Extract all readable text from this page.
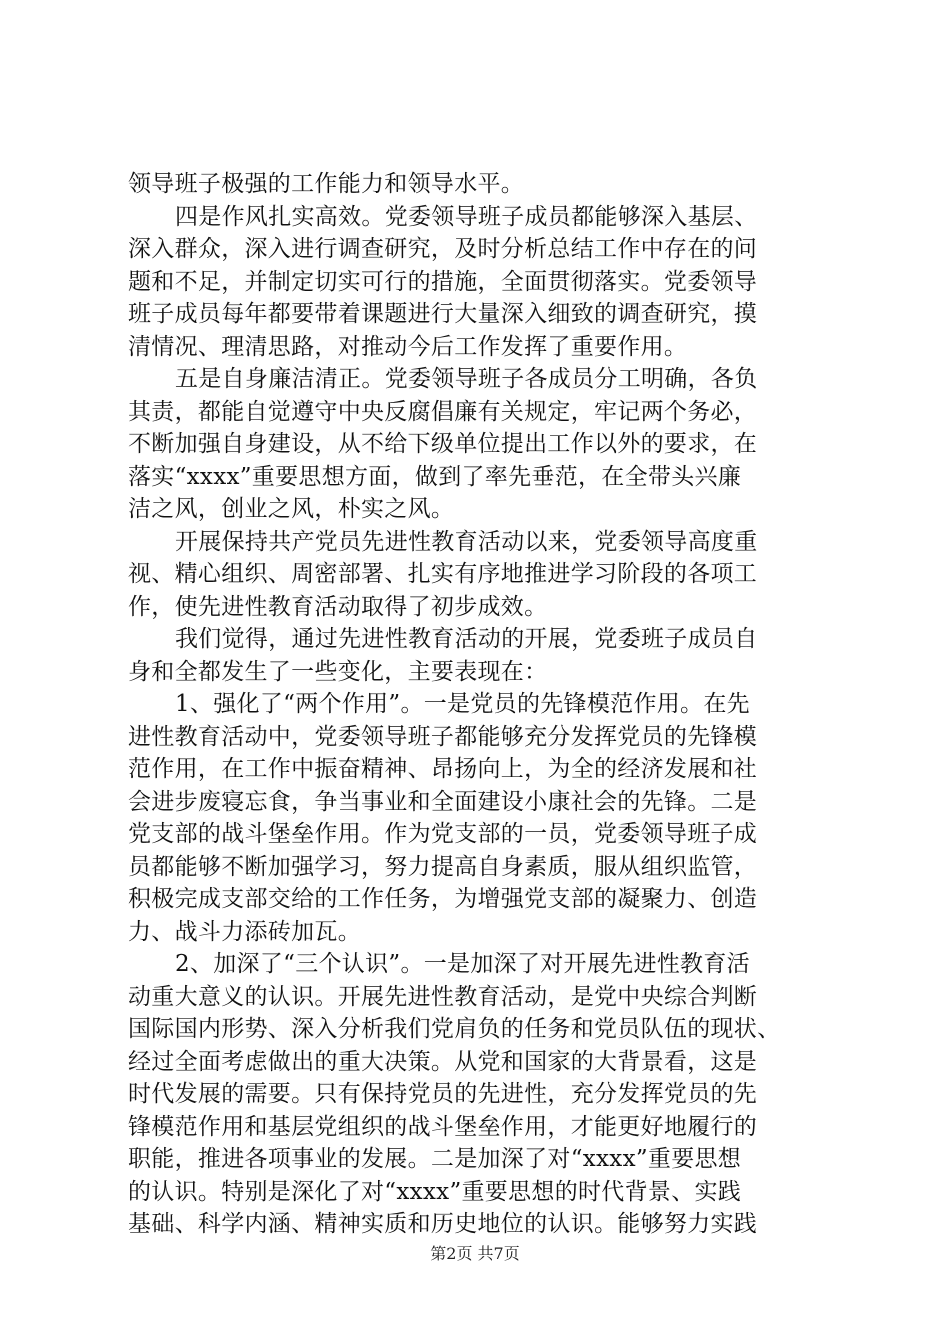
领导班子极强的工作能力和领导水平。
四是作风扎实高效。党委领导班子成员都能够深入基层、
深入群众，深入进行调查研究，及时分析总结工作中存在的问
题和不足，并制定切实可行的措施，全面贯彻落实。党委领导
班子成员每年都要带着课题进行大量深入细致的调查研究，摸
清情况、理清思路，对推动今后工作发挥了重要作用。
五是自身廉洁清正。党委领导班子各成员分工明确，各负
其责，都能自觉遵守中央反腐倡廉有关规定，牢记两个务必，
不断加强自身建设，从不给下级单位提出工作以外的要求，在
落实“xxxx”重要思想方面，做到了率先垂范，在全带头兴廉
洁之风，创业之风，朴实之风。
开展保持共产党员先进性教育活动以来，党委领导高度重
视、精心组织、周密部署、扎实有序地推进学习阶段的各项工
作，使先进性教育活动取得了初步成效。
我们觉得，通过先进性教育活动的开展，党委班子成员自
身和全都发生了一些变化，主要表现在：
1、强化了“两个作用”。一是党员的先锋模范作用。在先
进性教育活动中，党委领导班子都能够充分发挥党员的先锋模
范作用，在工作中振奋精神、昂扬向上，为全的经济发展和社
会进步废寝忘食，争当事业和全面建设小康社会的先锋。二是
党支部的战斗堡垒作用。作为党支部的一员，党委领导班子成
员都能够不断加强学习，努力提高自身素质，服从组织监管，
积极完成支部交给的工作任务，为增强党支部的凝聚力、创造
力、战斗力添砖加瓦。
2、加深了“三个认识”。一是加深了对开展先进性教育活
动重大意义的认识。开展先进性教育活动，是党中央综合判断
国际国内形势、深入分析我们党肩负的任务和党员队伍的现状、
经过全面考虑做出的重大决策。从党和国家的大背景看，这是
时代发展的需要。只有保持党员的先进性，充分发挥党员的先
锋模范作用和基层党组织的战斗堡垒作用，才能更好地履行的
职能，推进各项事业的发展。二是加深了对“xxxx”重要思想
的认识。特别是深化了对“xxxx”重要思想的时代背景、实践
基础、科学内涵、精神实质和历史地位的认识。能够努力实践
第2页 共7页
